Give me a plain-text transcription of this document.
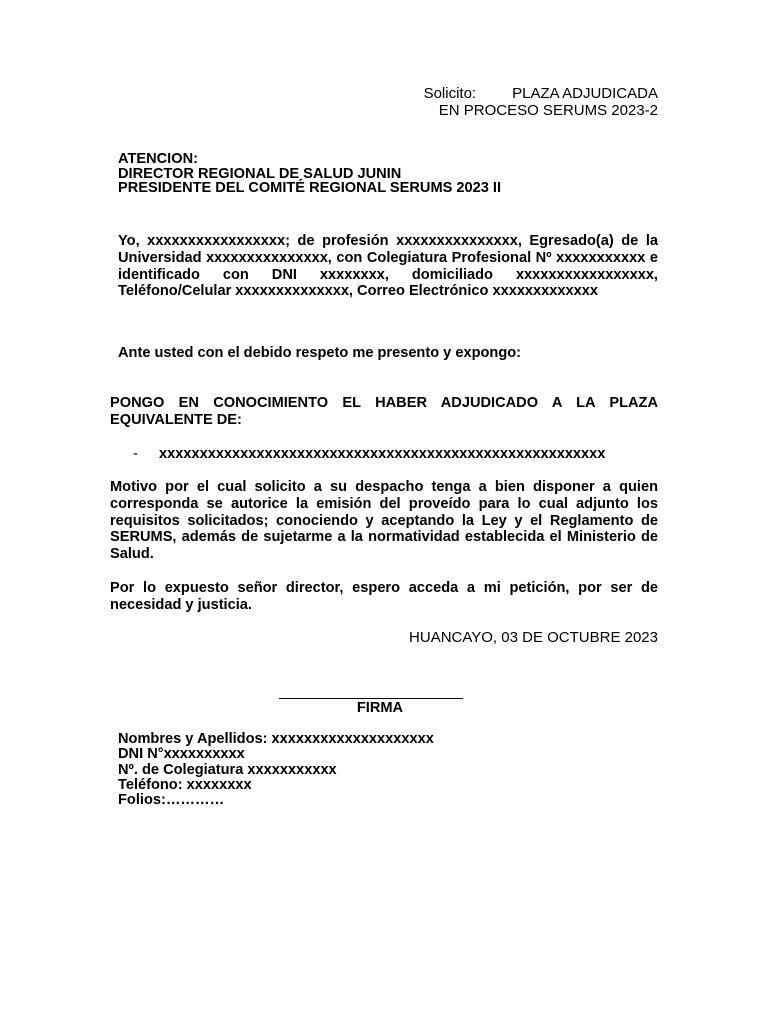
Solicito: PLAZA ADJUDICADA
EN PROCESO SERUMS 2023-2
ATENCION:
DIRECTOR REGIONAL DE SALUD JUNIN
PRESIDENTE DEL COMITÉ REGIONAL SERUMS 2023 II
Yo, xxxxxxxxxxxxxxxxx; de profesión xxxxxxxxxxxxxxx, Egresado(a) de la Universidad xxxxxxxxxxxxxxx, con Colegiatura Profesional Nº xxxxxxxxxxx e identificado con DNI xxxxxxxx, domiciliado xxxxxxxxxxxxxxxxx, Teléfono/Celular xxxxxxxxxxxxxx, Correo Electrónico xxxxxxxxxxxxx
Ante usted con el debido respeto me presento y expongo:
PONGO EN CONOCIMIENTO EL HABER ADJUDICADO A LA PLAZA EQUIVALENTE DE:
-	xxxxxxxxxxxxxxxxxxxxxxxxxxxxxxxxxxxxxxxxxxxxxxxxxxxxxxx
Motivo por el cual solicito a su despacho tenga a bien disponer a quien corresponda se autorice la emisión del proveído para lo cual adjunto los requisitos solicitados; conociendo y aceptando la Ley y el Reglamento de SERUMS, además de sujetarme a la normatividad establecida el Ministerio de Salud.
Por lo expuesto señor director, espero acceda a mi petición, por ser de necesidad y justicia.
HUANCAYO, 03 DE OCTUBRE 2023
FIRMA
Nombres y Apellidos: xxxxxxxxxxxxxxxxxxxx
DNI N°xxxxxxxxxx
Nº. de Colegiatura xxxxxxxxxxx
Teléfono: xxxxxxxx
Folios:…………
